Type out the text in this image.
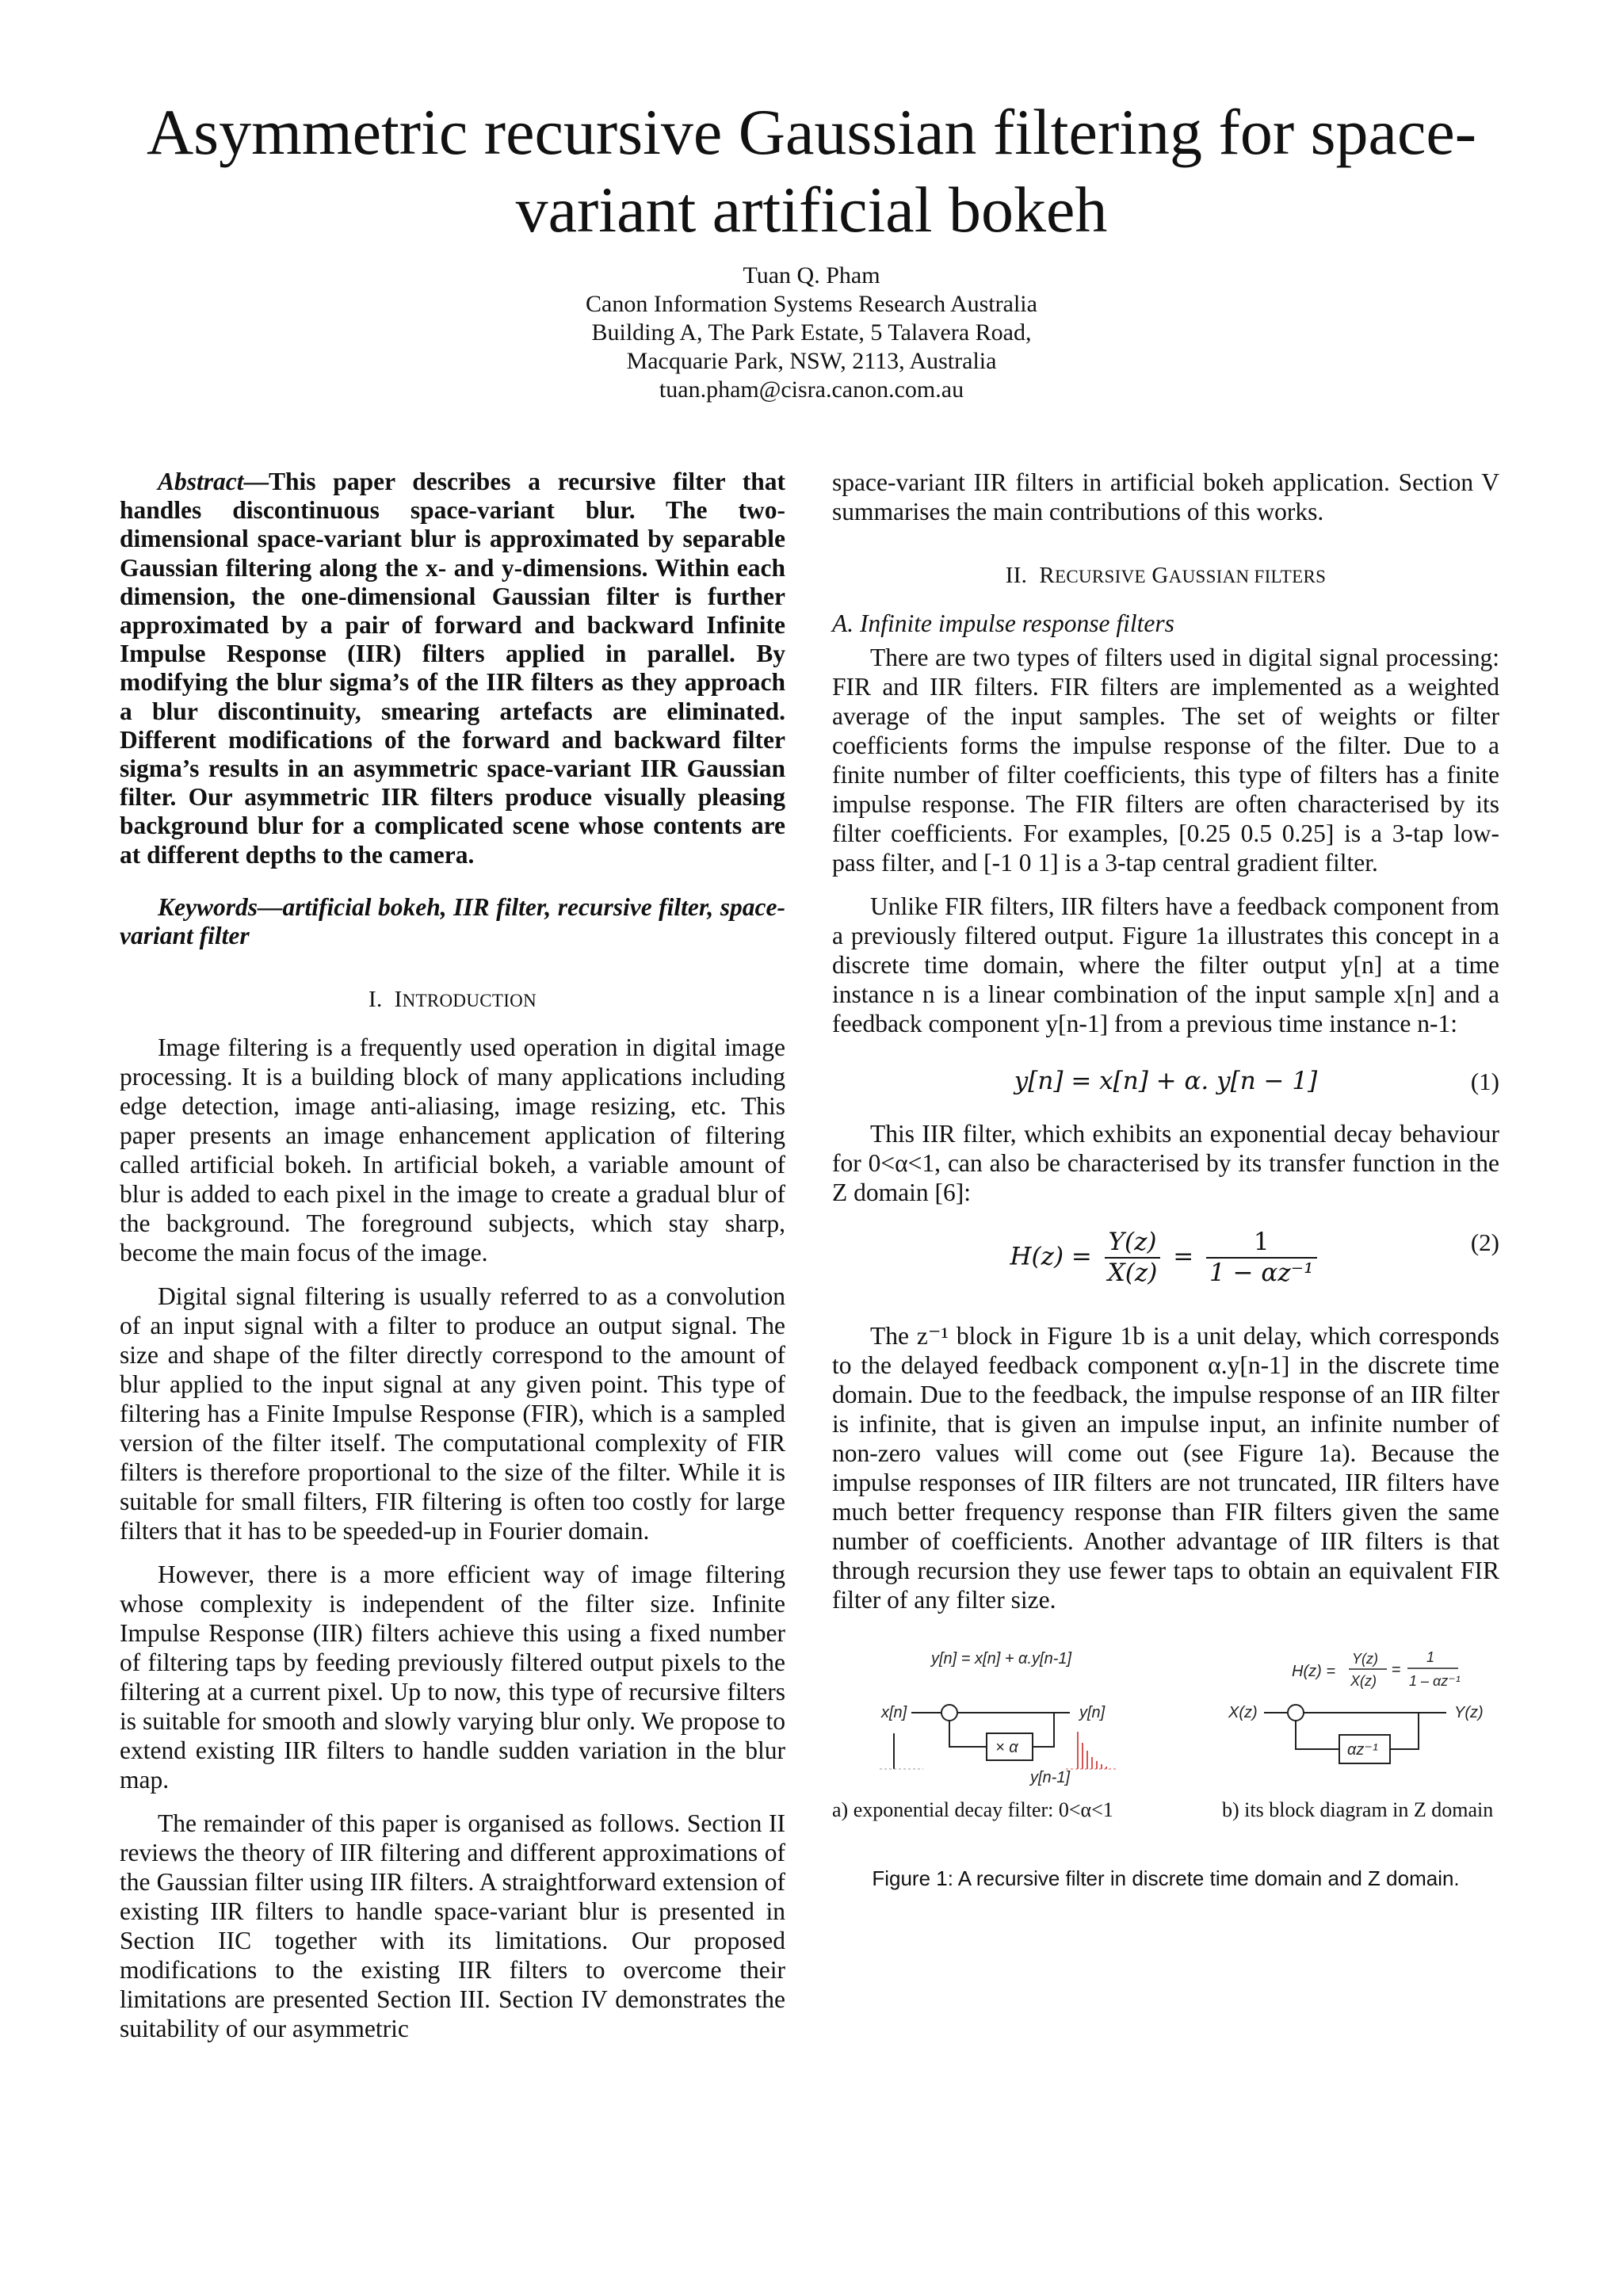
Asymmetric recursive Gaussian filtering for space-variant artificial bokeh
Tuan Q. Pham
Canon Information Systems Research Australia
Building A, The Park Estate, 5 Talavera Road,
Macquarie Park, NSW, 2113, Australia
tuan.pham@cisra.canon.com.au

Abstract—This paper describes a recursive filter that handles discontinuous space-variant blur. The two-dimensional space-variant blur is approximated by separable Gaussian filtering along the x- and y-dimensions. Within each dimension, the one-dimensional Gaussian filter is further approximated by a pair of forward and backward Infinite Impulse Response (IIR) filters applied in parallel. By modifying the blur sigma’s of the IIR filters as they approach a blur discontinuity, smearing artefacts are eliminated. Different modifications of the forward and backward filter sigma’s results in an asymmetric space-variant IIR Gaussian filter. Our asymmetric IIR filters produce visually pleasing background blur for a complicated scene whose contents are at different depths to the camera.

Keywords—artificial bokeh, IIR filter, recursive filter, space-variant filter

I. INTRODUCTION

Image filtering is a frequently used operation in digital image processing. It is a building block of many applications including edge detection, image anti-aliasing, image resizing, etc. This paper presents an image enhancement application of filtering called artificial bokeh. In artificial bokeh, a variable amount of blur is added to each pixel in the image to create a gradual blur of the background. The foreground subjects, which stay sharp, become the main focus of the image.

Digital signal filtering is usually referred to as a convolution of an input signal with a filter to produce an output signal. The size and shape of the filter directly correspond to the amount of blur applied to the input signal at any given point. This type of filtering has a Finite Impulse Response (FIR), which is a sampled version of the filter itself. The computational complexity of FIR filters is therefore proportional to the size of the filter. While it is suitable for small filters, FIR filtering is often too costly for large filters that it has to be speeded-up in Fourier domain.

However, there is a more efficient way of image filtering whose complexity is independent of the filter size. Infinite Impulse Response (IIR) filters achieve this using a fixed number of filtering taps by feeding previously filtered output pixels to the filtering at a current pixel. Up to now, this type of recursive filters is suitable for smooth and slowly varying blur only. We propose to extend existing IIR filters to handle sudden variation in the blur map.

The remainder of this paper is organised as follows. Section II reviews the theory of IIR filtering and different approximations of the Gaussian filter using IIR filters. A straightforward extension of existing IIR filters to handle space-variant blur is presented in Section IIC together with its limitations. Our proposed modifications to the existing IIR filters to overcome their limitations are presented Section III. Section IV demonstrates the suitability of our asymmetric

space-variant IIR filters in artificial bokeh application. Section V summarises the main contributions of this works.

II. RECURSIVE GAUSSIAN FILTERS
A. Infinite impulse response filters

There are two types of filters used in digital signal processing: FIR and IIR filters. FIR filters are implemented as a weighted average of the input samples. The set of weights or filter coefficients forms the impulse response of the filter. Due to a finite number of filter coefficients, this type of filters has a finite impulse response. The FIR filters are often characterised by its filter coefficients. For examples, [0.25 0.5 0.25] is a 3-tap low-pass filter, and [-1 0 1] is a 3-tap central gradient filter.

Unlike FIR filters, IIR filters have a feedback component from a previously filtered output. Figure 1a illustrates this concept in a discrete time domain, where the filter output y[n] at a time instance n is a linear combination of the input sample x[n] and a feedback component y[n-1] from a previous time instance n-1:

y[n] = x[n] + α. y[n − 1]	(1)

This IIR filter, which exhibits an exponential decay behaviour for 0<α<1, can also be characterised by its transfer function in the Z domain [6]:

$H(z) = \frac{Y(z)}{X(z)} = \frac{1}{\text{1 − αz⁻¹}}$	(2)

The z⁻¹ block in Figure 1b is a unit delay, which corresponds to the delayed feedback component α.y[n-1] in the discrete time domain. Due to the feedback, the impulse response of an IIR filter is infinite, that is given an impulse input, an infinite number of non-zero values will come out (see Figure 1a). Because the impulse responses of IIR filters are not truncated, IIR filters have much better frequency response than FIR filters given the same number of coefficients. Another advantage of IIR filters is that through recursion they use fewer taps to obtain an equivalent FIR filter of any filter size.

y[n] = x[n] + α.y[n-1]
x[n]	y[n]
× α
y[n-1]
H(z) =
Y(z)
X(z)
=
1
1 – αz⁻¹
X(z)	Y(z)
αz⁻¹
a) exponential decay filter: 0<α<1	b) its block diagram in Z domain
Figure 1: A recursive filter in discrete time domain and Z domain.
